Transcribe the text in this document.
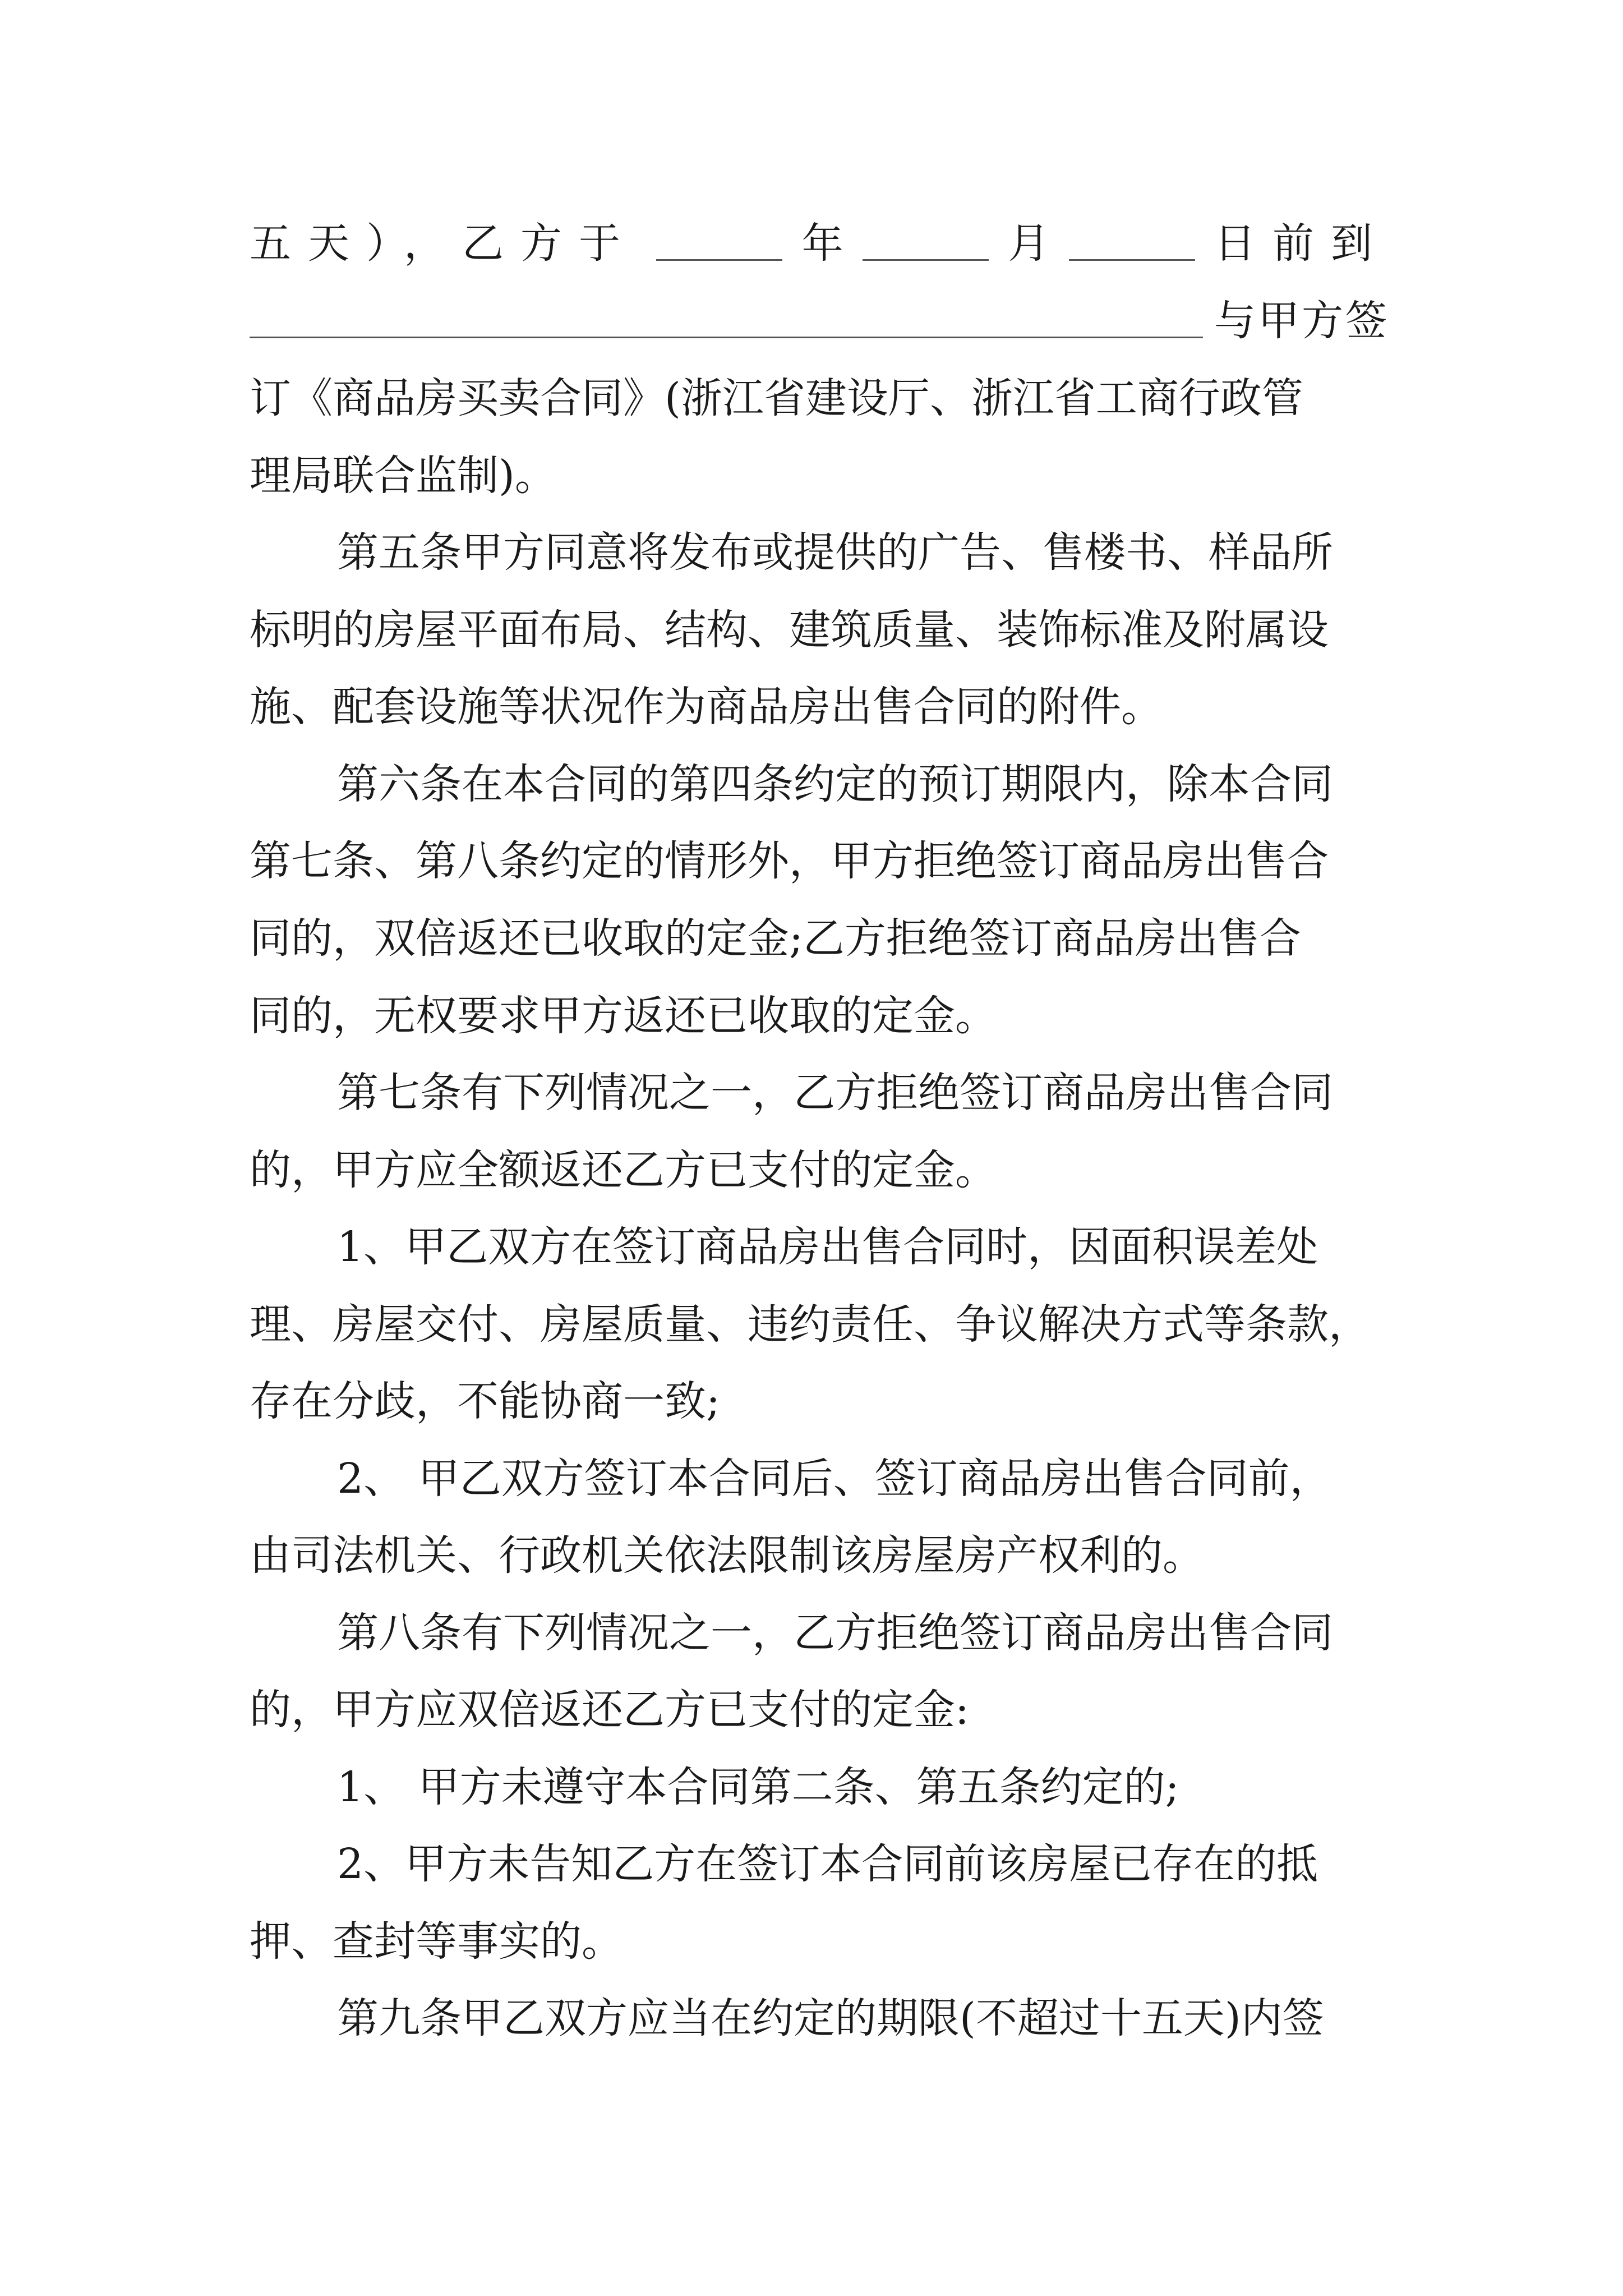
五天），乙方于	年	月	日前到
与甲方签
订《商品房买卖合同》(浙江省建设厅、浙江省工商行政管
理局联合监制)。
第五条甲方同意将发布或提供的广告、售楼书、样品所
标明的房屋平面布局、结构、建筑质量、装饰标准及附属设
施、配套设施等状况作为商品房出售合同的附件。
第六条在本合同的第四条约定的预订期限内，除本合同
第七条、第八条约定的情形外，甲方拒绝签订商品房出售合
同的，双倍返还已收取的定金;乙方拒绝签订商品房出售合
同的，无权要求甲方返还已收取的定金。
第七条有下列情况之一，乙方拒绝签订商品房出售合同
的，甲方应全额返还乙方已支付的定金。
1、甲乙双方在签订商品房出售合同时，因面积误差处
理、房屋交付、房屋质量、违约责任、争议解决方式等条款，
存在分歧，不能协商一致;
2、 甲乙双方签订本合同后、签订商品房出售合同前，
由司法机关、行政机关依法限制该房屋房产权利的。
第八条有下列情况之一，乙方拒绝签订商品房出售合同
的，甲方应双倍返还乙方已支付的定金:
1、 甲方未遵守本合同第二条、第五条约定的;
2、甲方未告知乙方在签订本合同前该房屋已存在的抵
押、查封等事实的。
第九条甲乙双方应当在约定的期限(不超过十五天)内签
